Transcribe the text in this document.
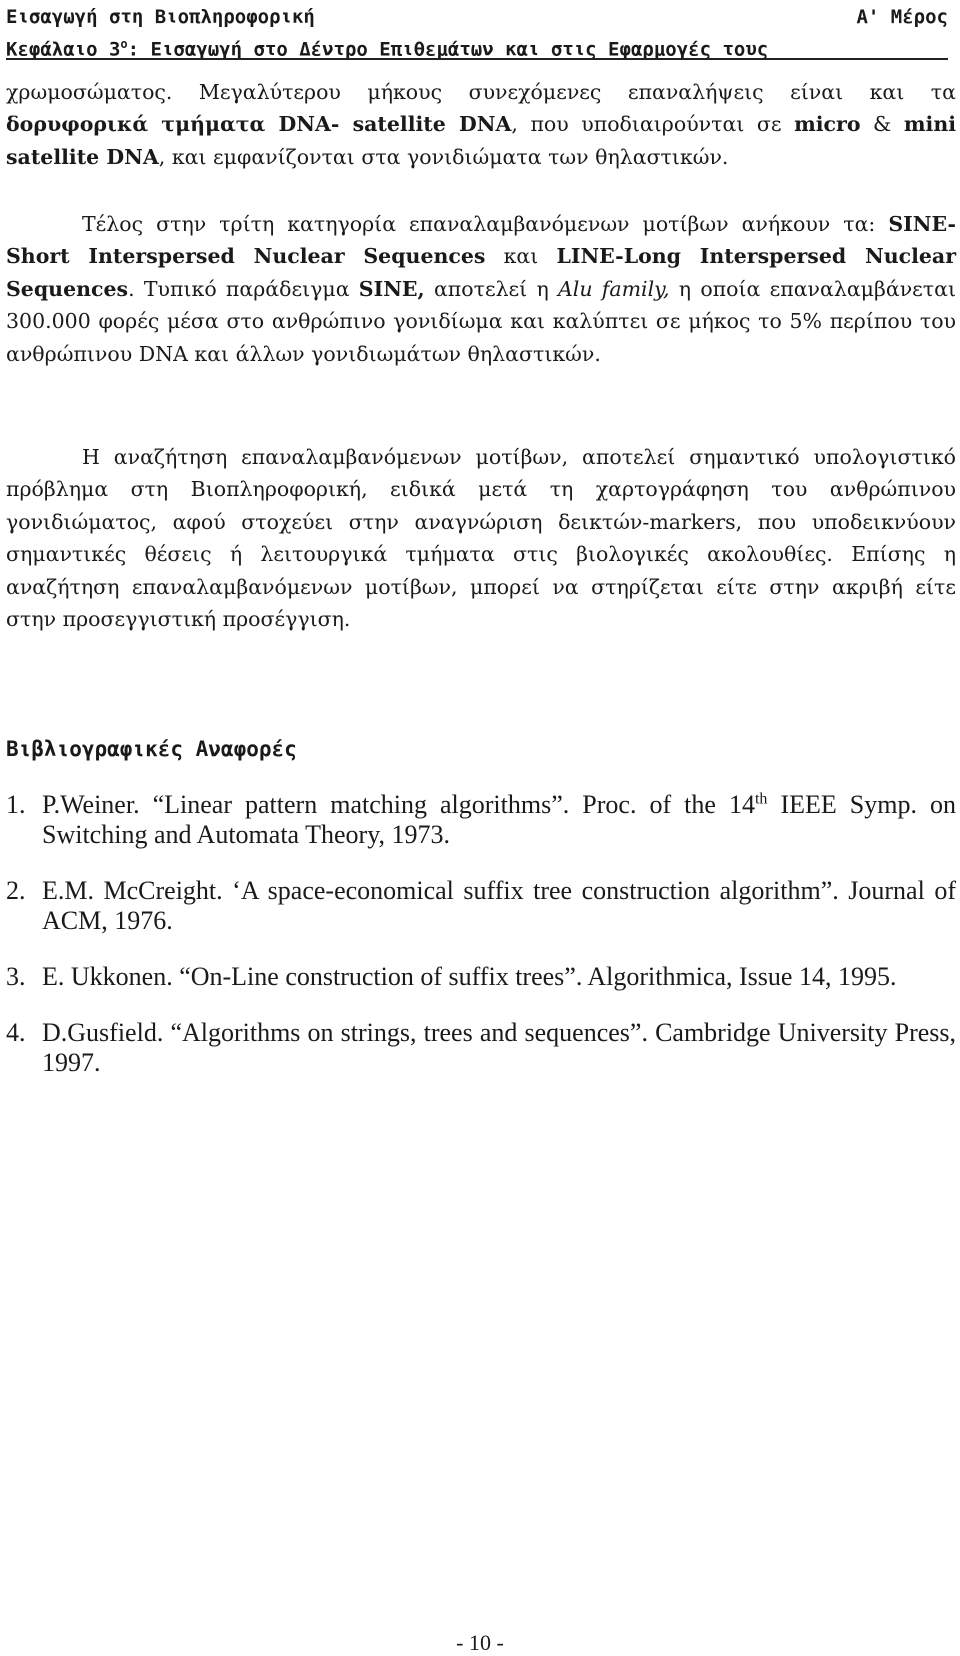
Εισαγωγή στη Βιοπληροφορική	Α' Μέρος
Κεφάλαιο $3^o$: Εισαγωγή στο Δέντρο Επιθεμάτων και στις Εφαρμογές τους

χρωμοσώματος. Μεγαλύτερου μήκους συνεχόμενες επαναλήψεις είναι και τα δορυφορικά τμήματα DNA- satellite DNA, που υποδιαιρούνται σε micro & mini satellite DNA, και εμφανίζονται στα γονιδιώματα των θηλαστικών.

Τέλος στην τρίτη κατηγορία επαναλαμβανόμενων μοτίβων ανήκουν τα: SINE-Short Interspersed Nuclear Sequences και LINE-Long Interspersed Nuclear Sequences. Τυπικό παράδειγμα SINE, αποτελεί η Alu family, η οποία επαναλαμβάνεται 300.000 φορές μέσα στο ανθρώπινο γονιδίωμα και καλύπτει σε μήκος το 5% περίπου του ανθρώπινου DNA και άλλων γονιδιωμάτων θηλαστικών.

Η αναζήτηση επαναλαμβανόμενων μοτίβων, αποτελεί σημαντικό υπολογιστικό πρόβλημα στη Βιοπληροφορική, ειδικά μετά τη χαρτογράφηση του ανθρώπινου γονιδιώματος, αφού στοχεύει στην αναγνώριση δεικτών-markers, που υποδεικνύουν σημαντικές θέσεις ή λειτουργικά τμήματα στις βιολογικές ακολουθίες. Επίσης η αναζήτηση επαναλαμβανόμενων μοτίβων, μπορεί να στηρίζεται είτε στην ακριβή είτε στην προσεγγιστική προσέγγιση.

Βιβλιογραφικές Αναφορές
1. P.Weiner. “Linear pattern matching algorithms”. Proc. of the 14th IEEE Symp. on Switching and Automata Theory, 1973.
2. E.M. McCreight. ‘A space-economical suffix tree construction algorithm”. Journal of ACM, 1976.
3. E. Ukkonen. “On-Line construction of suffix trees”. Algorithmica, Issue 14, 1995.
4. D.Gusfield. “Algorithms on strings, trees and sequences”. Cambridge University Press, 1997.
- 10 -
